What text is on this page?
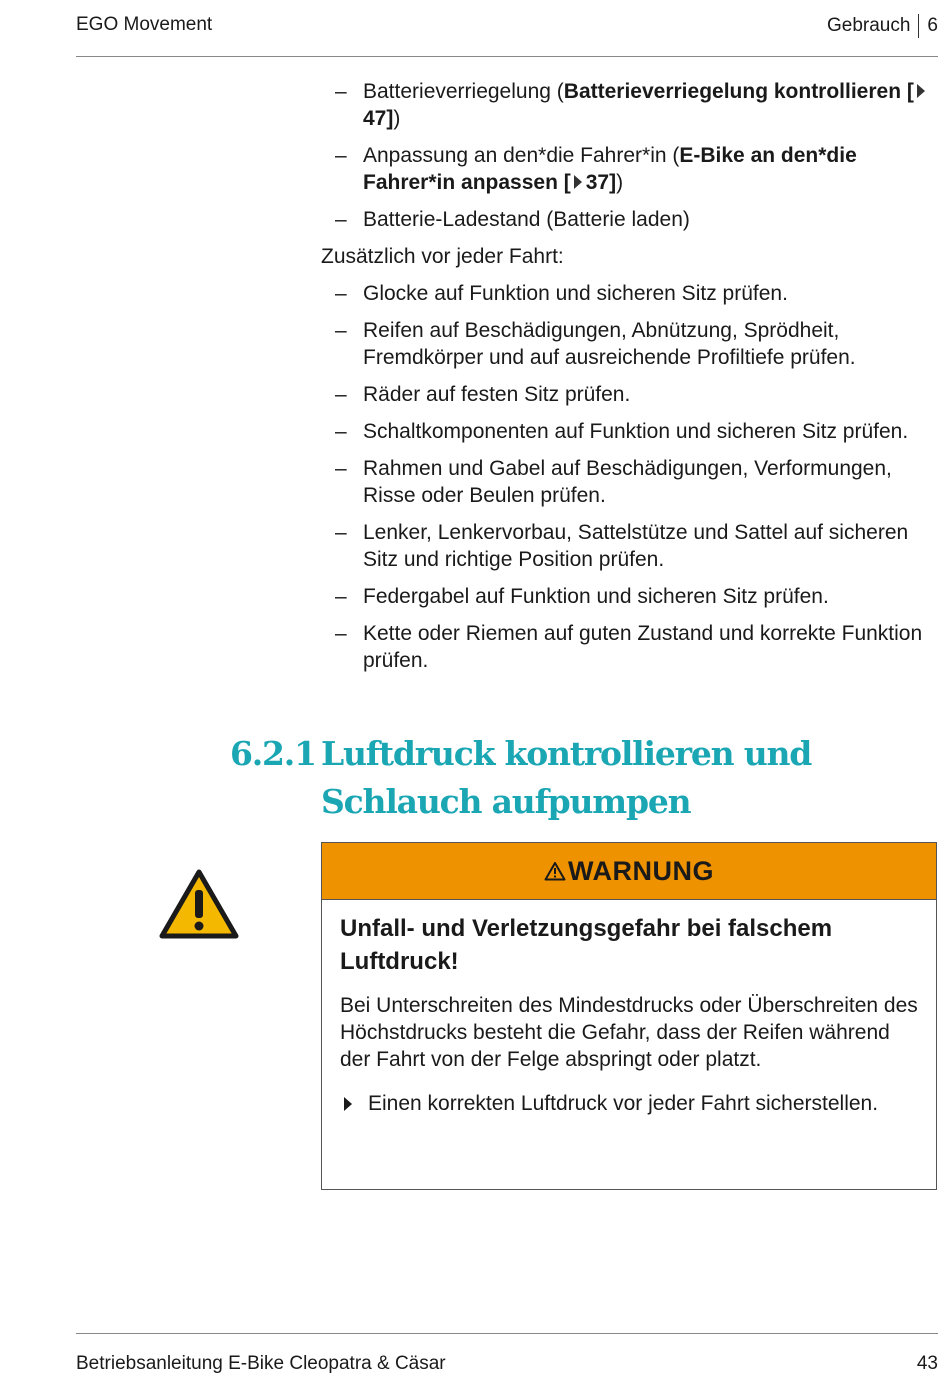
EGO Movement	Gebrauch 6
– Batterieverriegelung (Batterieverriegelung kontrollieren [47])
– Anpassung an den*die Fahrer*in (E-Bike an den*die Fahrer*in anpassen [ 37])
– Batterie-Ladestand (Batterie laden)

Zusätzlich vor jeder Fahrt:

– Glocke auf Funktion und sicheren Sitz prüfen.
– Reifen auf Beschädigungen, Abnützung, Sprödheit, Fremdkörper und auf ausreichende Profiltiefe prüfen.
– Räder auf festen Sitz prüfen.
– Schaltkomponenten auf Funktion und sicheren Sitz prüfen.
– Rahmen und Gabel auf Beschädigungen, Verformungen, Risse oder Beulen prüfen.
– Lenker, Lenkervorbau, Sattelstütze und Sattel auf sicheren Sitz und richtige Position prüfen.
– Federgabel auf Funktion und sicheren Sitz prüfen.
– Kette oder Riemen auf guten Zustand und korrekte Funktion prüfen.
6.2.1 Luftdruck kontrollieren und Schlauch aufpumpen
WARNUNG
Unfall- und Verletzungsgefahr bei falschem Luftdruck!
Bei Unterschreiten des Mindestdrucks oder Überschreiten des Höchstdrucks besteht die Gefahr, dass der Reifen während der Fahrt von der Felge abspringt oder platzt.
Einen korrekten Luftdruck vor jeder Fahrt sicherstellen.
Betriebsanleitung E-Bike Cleopatra & Cäsar	43
